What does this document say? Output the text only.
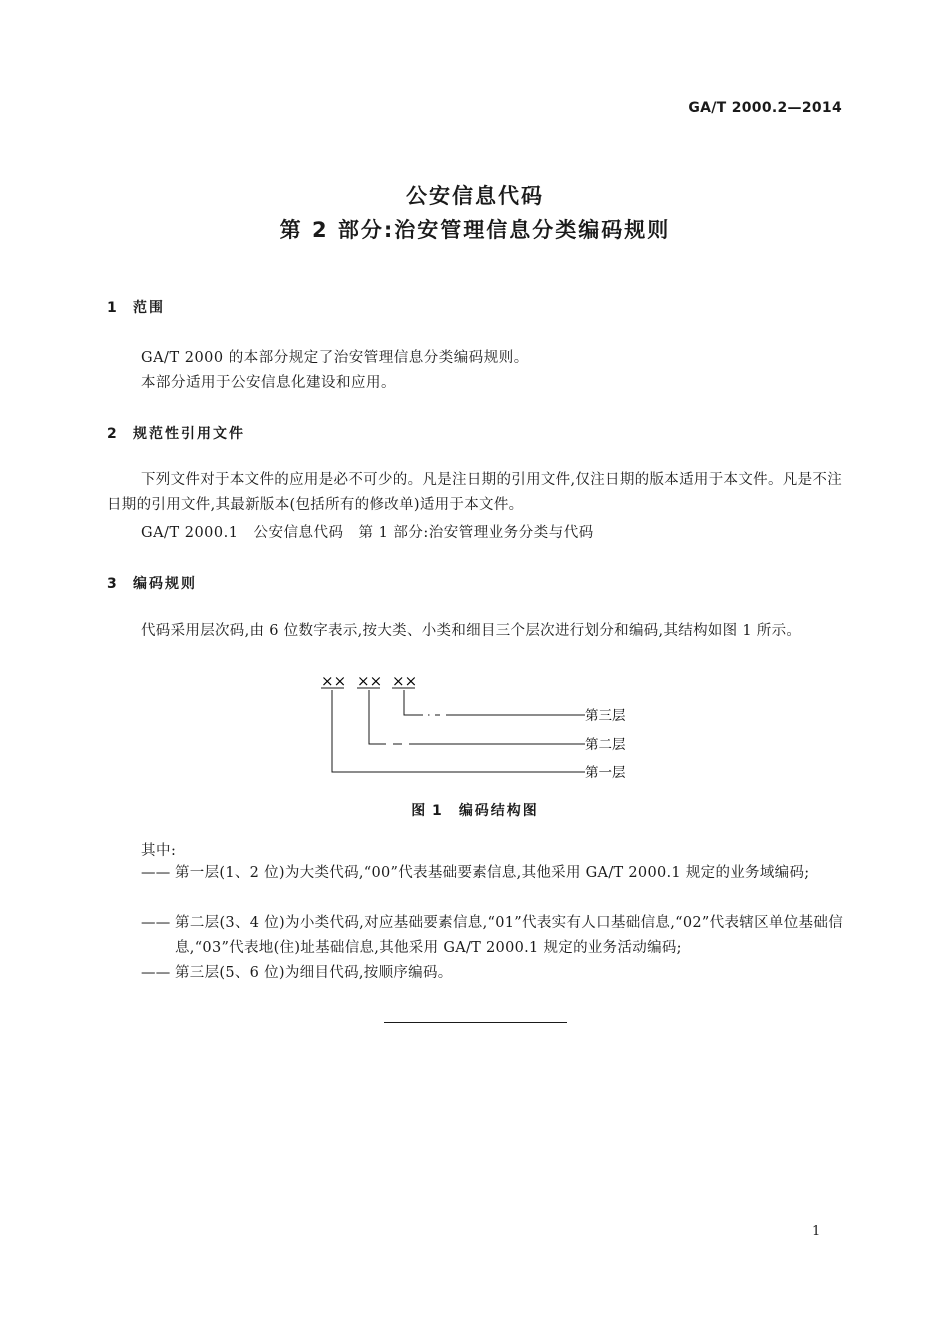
GA/T 2000.2—2014
公安信息代码
第 2 部分:治安管理信息分类编码规则
1 范围
GA/T 2000 的本部分规定了治安管理信息分类编码规则。
本部分适用于公安信息化建设和应用。
2 规范性引用文件
下列文件对于本文件的应用是必不可少的。凡是注日期的引用文件,仅注日期的版本适用于本文件。凡是不注日期的引用文件,其最新版本(包括所有的修改单)适用于本文件。
GA/T 2000.1　公安信息代码　第 1 部分:治安管理业务分类与代码
3 编码规则
代码采用层次码,由 6 位数字表示,按大类、小类和细目三个层次进行划分和编码,其结构如图 1 所示。
×× ×× ××
第三层
第二层
第一层
图 1 编码结构图
其中:
—— 第一层(1、2 位)为大类代码,“00”代表基础要素信息,其他采用 GA/T 2000.1 规定的业务域编码;
—— 第二层(3、4 位)为小类代码,对应基础要素信息,“01”代表实有人口基础信息,“02”代表辖区单位基础信息,“03”代表地(住)址基础信息,其他采用 GA/T 2000.1 规定的业务活动编码;
—— 第三层(5、6 位)为细目代码,按顺序编码。
1
